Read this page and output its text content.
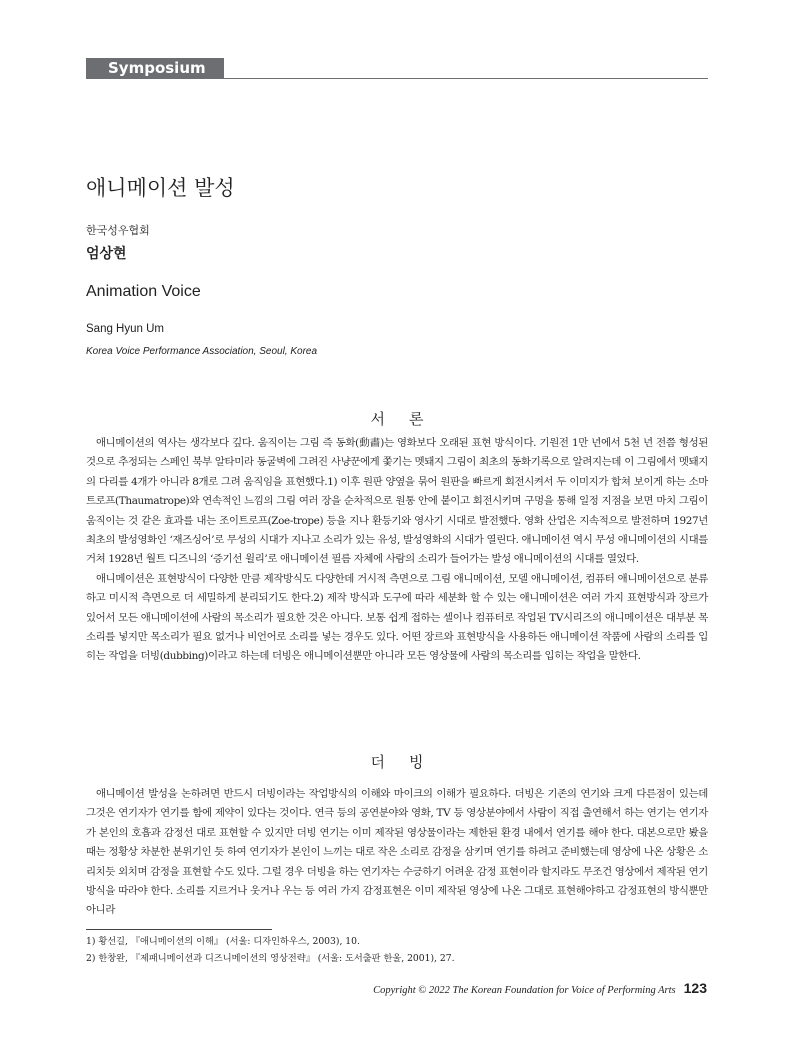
Symposium
애니메이션 발성
한국성우협회
엄상현
Animation Voice
Sang Hyun Um
Korea Voice Performance Association, Seoul, Korea
서론

애니메이션의 역사는 생각보다 깊다. 움직이는 그림 즉 동화(動畵)는 영화보다 오래된 표현 방식이다. 기원전 1만 년에서 5천 년 전쯤 형성된 것으로 추정되는 스페인 북부 알타미라 동굴벽에 그려진 사냥꾼에게 쫓기는 멧돼지 그림이 최초의 동화기록으로 알려지는데 이 그림에서 멧돼지의 다리를 4개가 아니라 8개로 그려 움직임을 표현했다.1) 이후 원판 양옆을 묶어 원판을 빠르게 회전시켜서 두 이미지가 합쳐 보이게 하는 소마트로프(Thaumatrope)와 연속적인 느낌의 그림 여러 장을 순차적으로 원통 안에 붙이고 회전시키며 구멍을 통해 일정 지점을 보면 마치 그림이 움직이는 것 같은 효과를 내는 조이트로프(Zoe-trope) 등을 지나 환등기와 영사기 시대로 발전했다. 영화 산업은 지속적으로 발전하며 1927년 최초의 발성영화인 ‘재즈싱어’로 무성의 시대가 지나고 소리가 있는 유성, 발성영화의 시대가 열린다. 애니메이션 역시 무성 애니메이션의 시대를 거쳐 1928년 월트 디즈니의 ‘증기선 윌리’로 애니메이션 필름 자체에 사람의 소리가 들어가는 발성 애니메이션의 시대를 열었다.

애니메이션은 표현방식이 다양한 만큼 제작방식도 다양한데 거시적 측면으로 그림 애니메이션, 모델 애니메이션, 컴퓨터 애니메이션으로 분류하고 미시적 측면으로 더 세밀하게 분리되기도 한다.2) 제작 방식과 도구에 따라 세분화 할 수 있는 애니메이션은 여러 가지 표현방식과 장르가 있어서 모든 애니메이션에 사람의 목소리가 필요한 것은 아니다. 보통 쉽게 접하는 셀이나 컴퓨터로 작업된 TV시리즈의 애니메이션은 대부분 목소리를 넣지만 목소리가 필요 없거나 비언어로 소리를 넣는 경우도 있다. 어떤 장르와 표현방식을 사용하든 애니메이션 작품에 사람의 소리를 입히는 작업을 더빙(dubbing)이라고 하는데 더빙은 애니메이션뿐만 아니라 모든 영상물에 사람의 목소리를 입히는 작업을 말한다.

더빙

애니메이션 발성을 논하려면 반드시 더빙이라는 작업방식의 이해와 마이크의 이해가 필요하다. 더빙은 기존의 연기와 크게 다른점이 있는데 그것은 연기자가 연기를 함에 제약이 있다는 것이다. 연극 등의 공연분야와 영화, TV 등 영상분야에서 사람이 직접 출연해서 하는 연기는 연기자가 본인의 호흡과 감정선 대로 표현할 수 있지만 더빙 연기는 이미 제작된 영상물이라는 제한된 환경 내에서 연기를 해야 한다. 대본으로만 봤을 때는 정황상 차분한 분위기인 듯 하여 연기자가 본인이 느끼는 대로 작은 소리로 감정을 삼키며 연기를 하려고 준비했는데 영상에 나온 상황은 소리치듯 외치며 감정을 표현할 수도 있다. 그럴 경우 더빙을 하는 연기자는 수긍하기 어려운 감정 표현이라 할지라도 무조건 영상에서 제작된 연기방식을 따라야 한다. 소리를 지르거나 웃거나 우는 등 여러 가지 감정표현은 이미 제작된 영상에 나온 그대로 표현해야하고 감정표현의 방식뿐만 아니라

1) 황선길, 『애니메이션의 이해』 (서울: 디자인하우스, 2003), 10.
2) 한창완, 『제패니메이션과 디즈니메이션의 영상전략』 (서울: 도서출판 한울, 2001), 27.
Copyright © 2022 The Korean Foundation for Voice of Performing Arts 123
